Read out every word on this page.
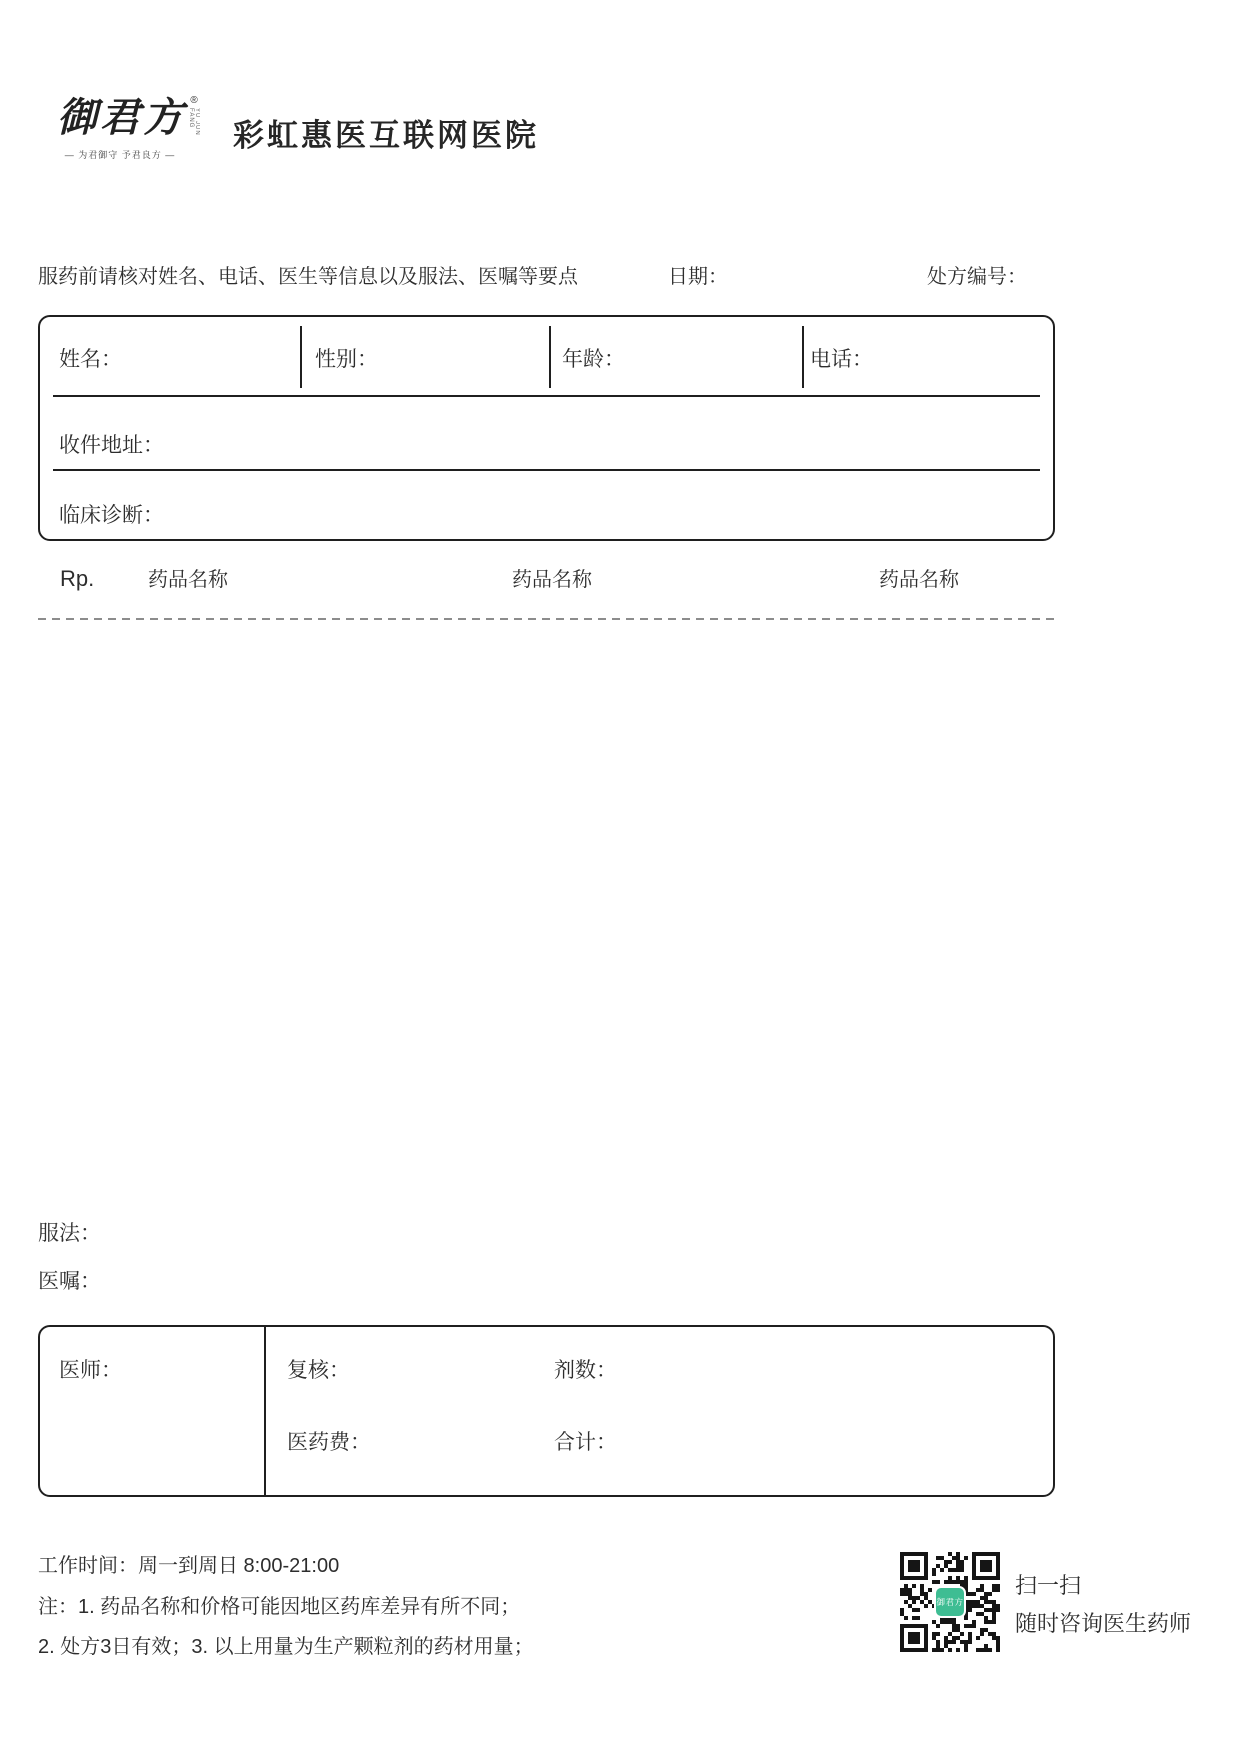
御君方 ®
YU JUN FANG
— 为君御守 予君良方 —
彩虹惠医互联网医院
服药前请核对姓名、电话、医生等信息以及服法、医嘱等要点	日期：	处方编号：
姓名：	性别：	年龄：	电话：
收件地址：
临床诊断：
Rp.	药品名称	药品名称	药品名称
服法：
医嘱：
医师：	复核：	剂数：
医药费：	合计：
工作时间：周一到周日 8:00-21:00
注：1. 药品名称和价格可能因地区药库差异有所不同；
2. 处方3日有效；3. 以上用量为生产颗粒剂的药材用量；
御君方
扫一扫
随时咨询医生药师
